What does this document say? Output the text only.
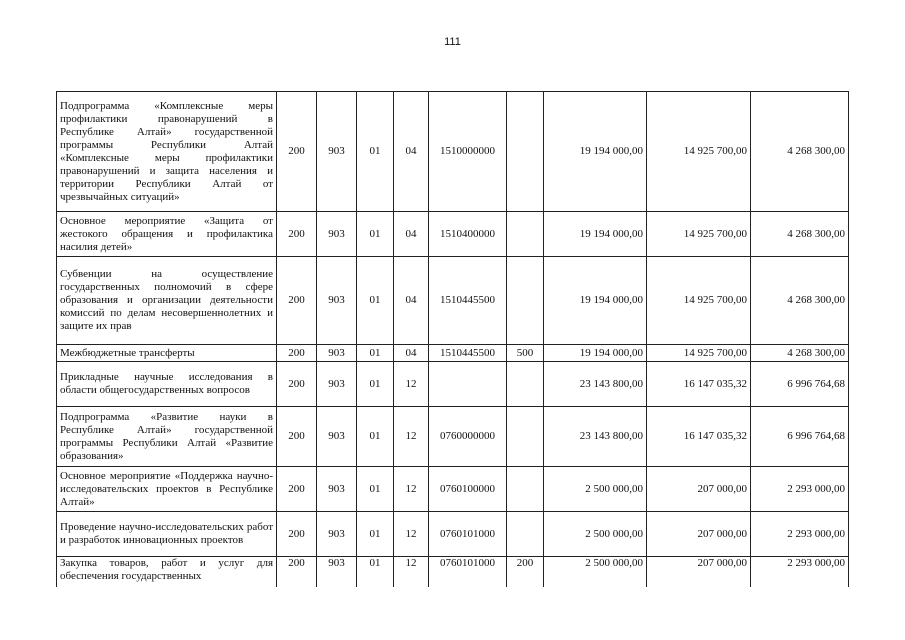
111
Подпрограмма «Комплексные меры профилактики правонарушений в Республике Алтай» государственной программы Республики Алтай «Комплексные меры профилактики правонарушений и защита населения и территории Республики Алтай от чрезвычайных ситуаций»	200	903	01	04	1510000000		19 194 000,00	14 925 700,00	4 268 300,00
Основное мероприятие «Защита от жестокого обращения и профилактика насилия детей»	200	903	01	04	1510400000		19 194 000,00	14 925 700,00	4 268 300,00
Субвенции на осуществление государственных полномочий в сфере образования и организации деятельности комиссий по делам несовершеннолетних и защите их прав	200	903	01	04	1510445500		19 194 000,00	14 925 700,00	4 268 300,00
Межбюджетные трансферты	200	903	01	04	1510445500	500	19 194 000,00	14 925 700,00	4 268 300,00
Прикладные научные исследования в области общегосударственных вопросов	200	903	01	12			23 143 800,00	16 147 035,32	6 996 764,68
Подпрограмма «Развитие науки в Республике Алтай» государственной программы Республики Алтай «Развитие образования»	200	903	01	12	0760000000		23 143 800,00	16 147 035,32	6 996 764,68
Основное мероприятие «Поддержка научно-исследовательских проектов в Республике Алтай»	200	903	01	12	0760100000		2 500 000,00	207 000,00	2 293 000,00
Проведение научно-исследовательских работ и разработок инновационных проектов	200	903	01	12	0760101000		2 500 000,00	207 000,00	2 293 000,00
Закупка товаров, работ и услуг для обеспечения государственных	200	903	01	12	0760101000	200	2 500 000,00	207 000,00	2 293 000,00
